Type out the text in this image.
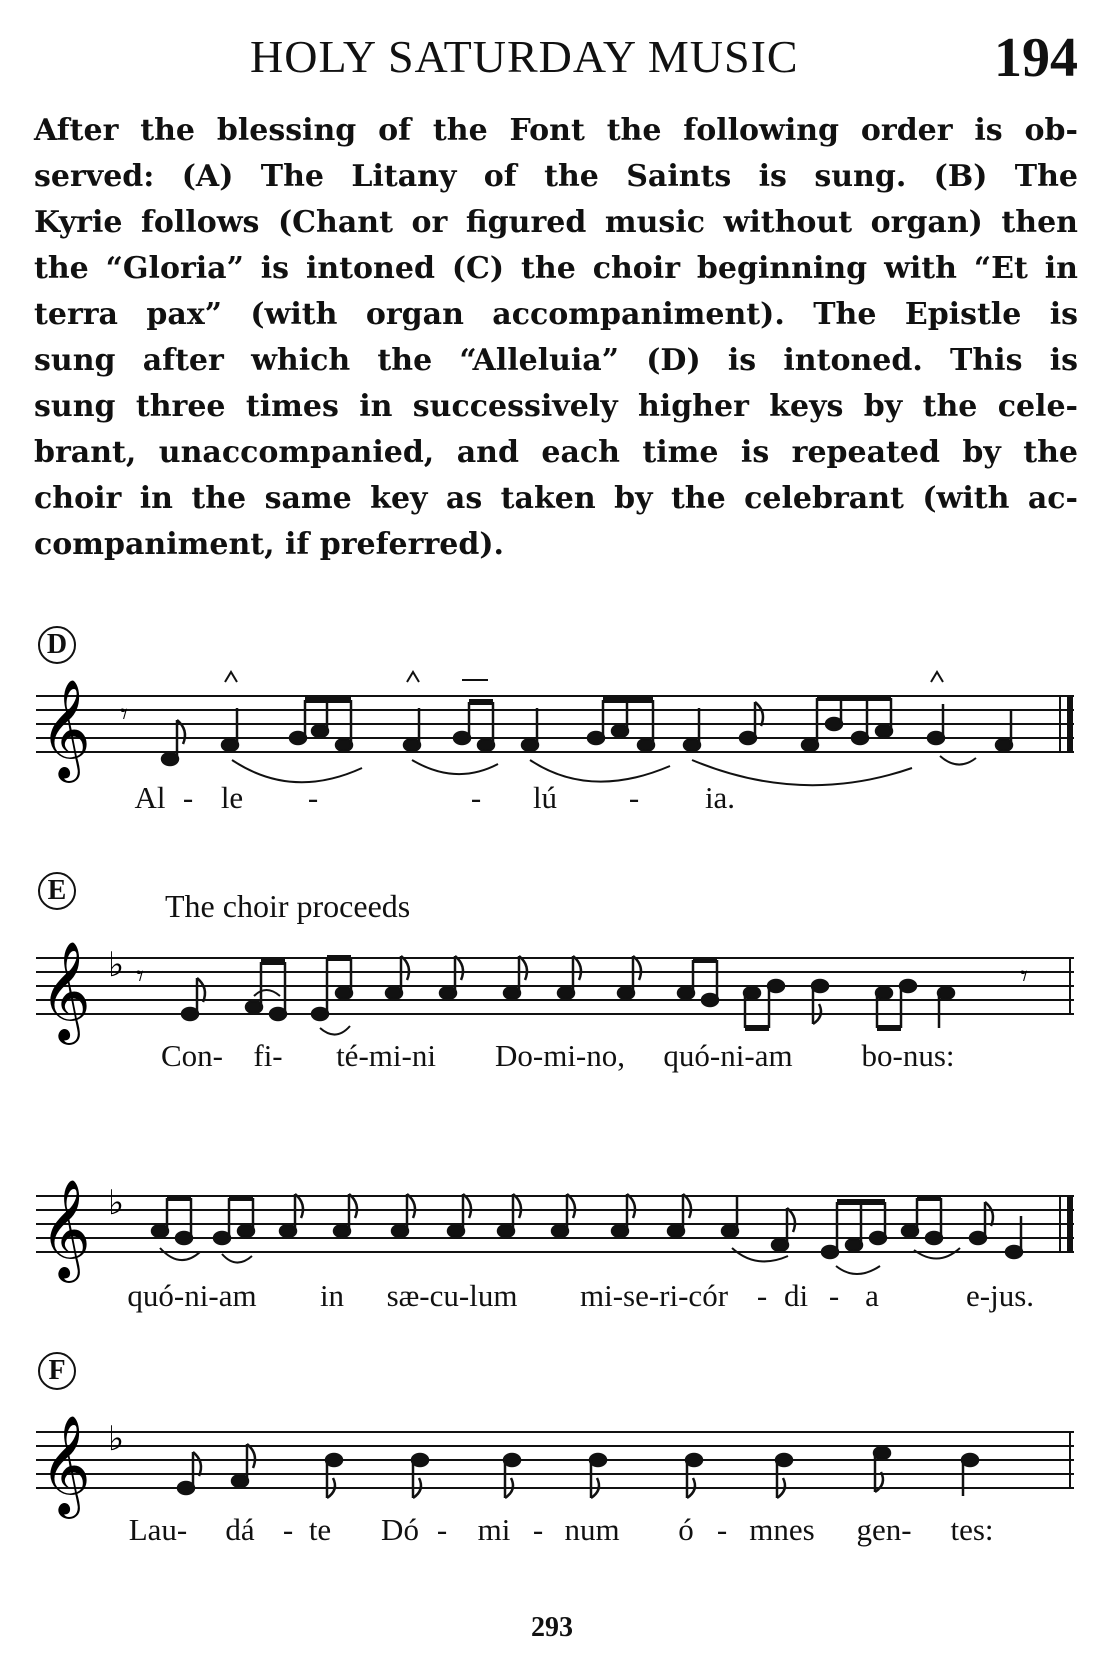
HOLY SATURDAY MUSIC	194
After the blessing of the Font the following order is ob-
served: (A) The Litany of the Saints is sung. (B) The
Kyrie follows (Chant or figured music without organ) then
the “Gloria” is intoned (C) the choir beginning with “Et in
terra pax” (with organ accompaniment). The Epistle is
sung after which the “Alleluia” (D) is intoned. This is
sung three times in successively higher keys by the cele-
brant, unaccompanied, and each time is repeated by the
choir in the same key as taken by the celebrant (with ac-
companiment, if preferred).
D
𝄞 𝄾
Al - le -	- lú - ia.
E	The choir proceeds
𝄞 ♭ 𝄾	𝄾
Con- fi- té-mi-ni Do-mi-no, quó-ni-am bo-nus:
𝄞 ♭
quó-ni-am in sæ-cu-lum mi-se-ri-cór - di - a	e-jus.
F
𝄞 ♭
Lau- dá - te Dó - mi - num ó - mnes gen- tes:
293
